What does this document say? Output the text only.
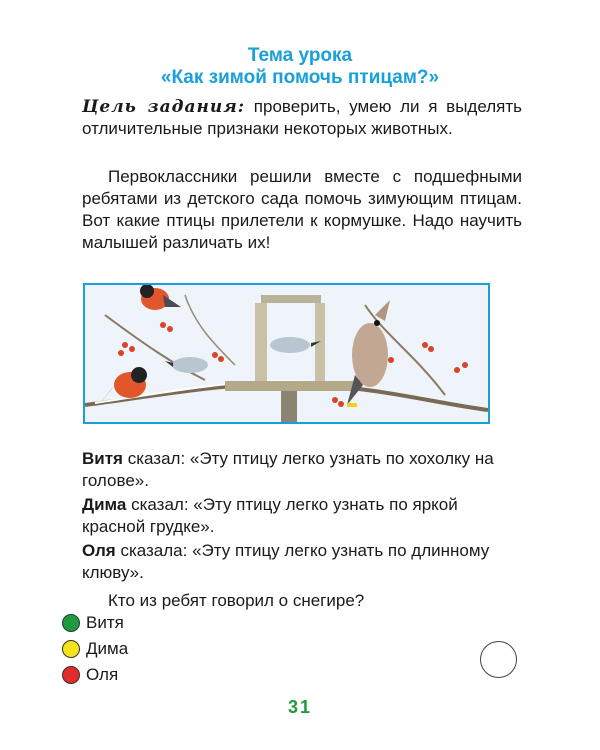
Тема урока
«Как зимой помочь птицам?»
Цель задания: проверить, умею ли я выделять отличительные признаки некоторых животных.
Первоклассники решили вместе с подшефными ребятами из детского сада помочь зимующим птицам. Вот какие птицы прилетели к кормушке. Надо научить малышей различать их!
Витя сказал: «Эту птицу легко узнать по хохолку на голове».
Дима сказал: «Эту птицу легко узнать по яркой красной грудке».
Оля сказала: «Эту птицу легко узнать по длинному клюву».
Кто из ребят говорил о снегире?
Витя
Дима
Оля
31
